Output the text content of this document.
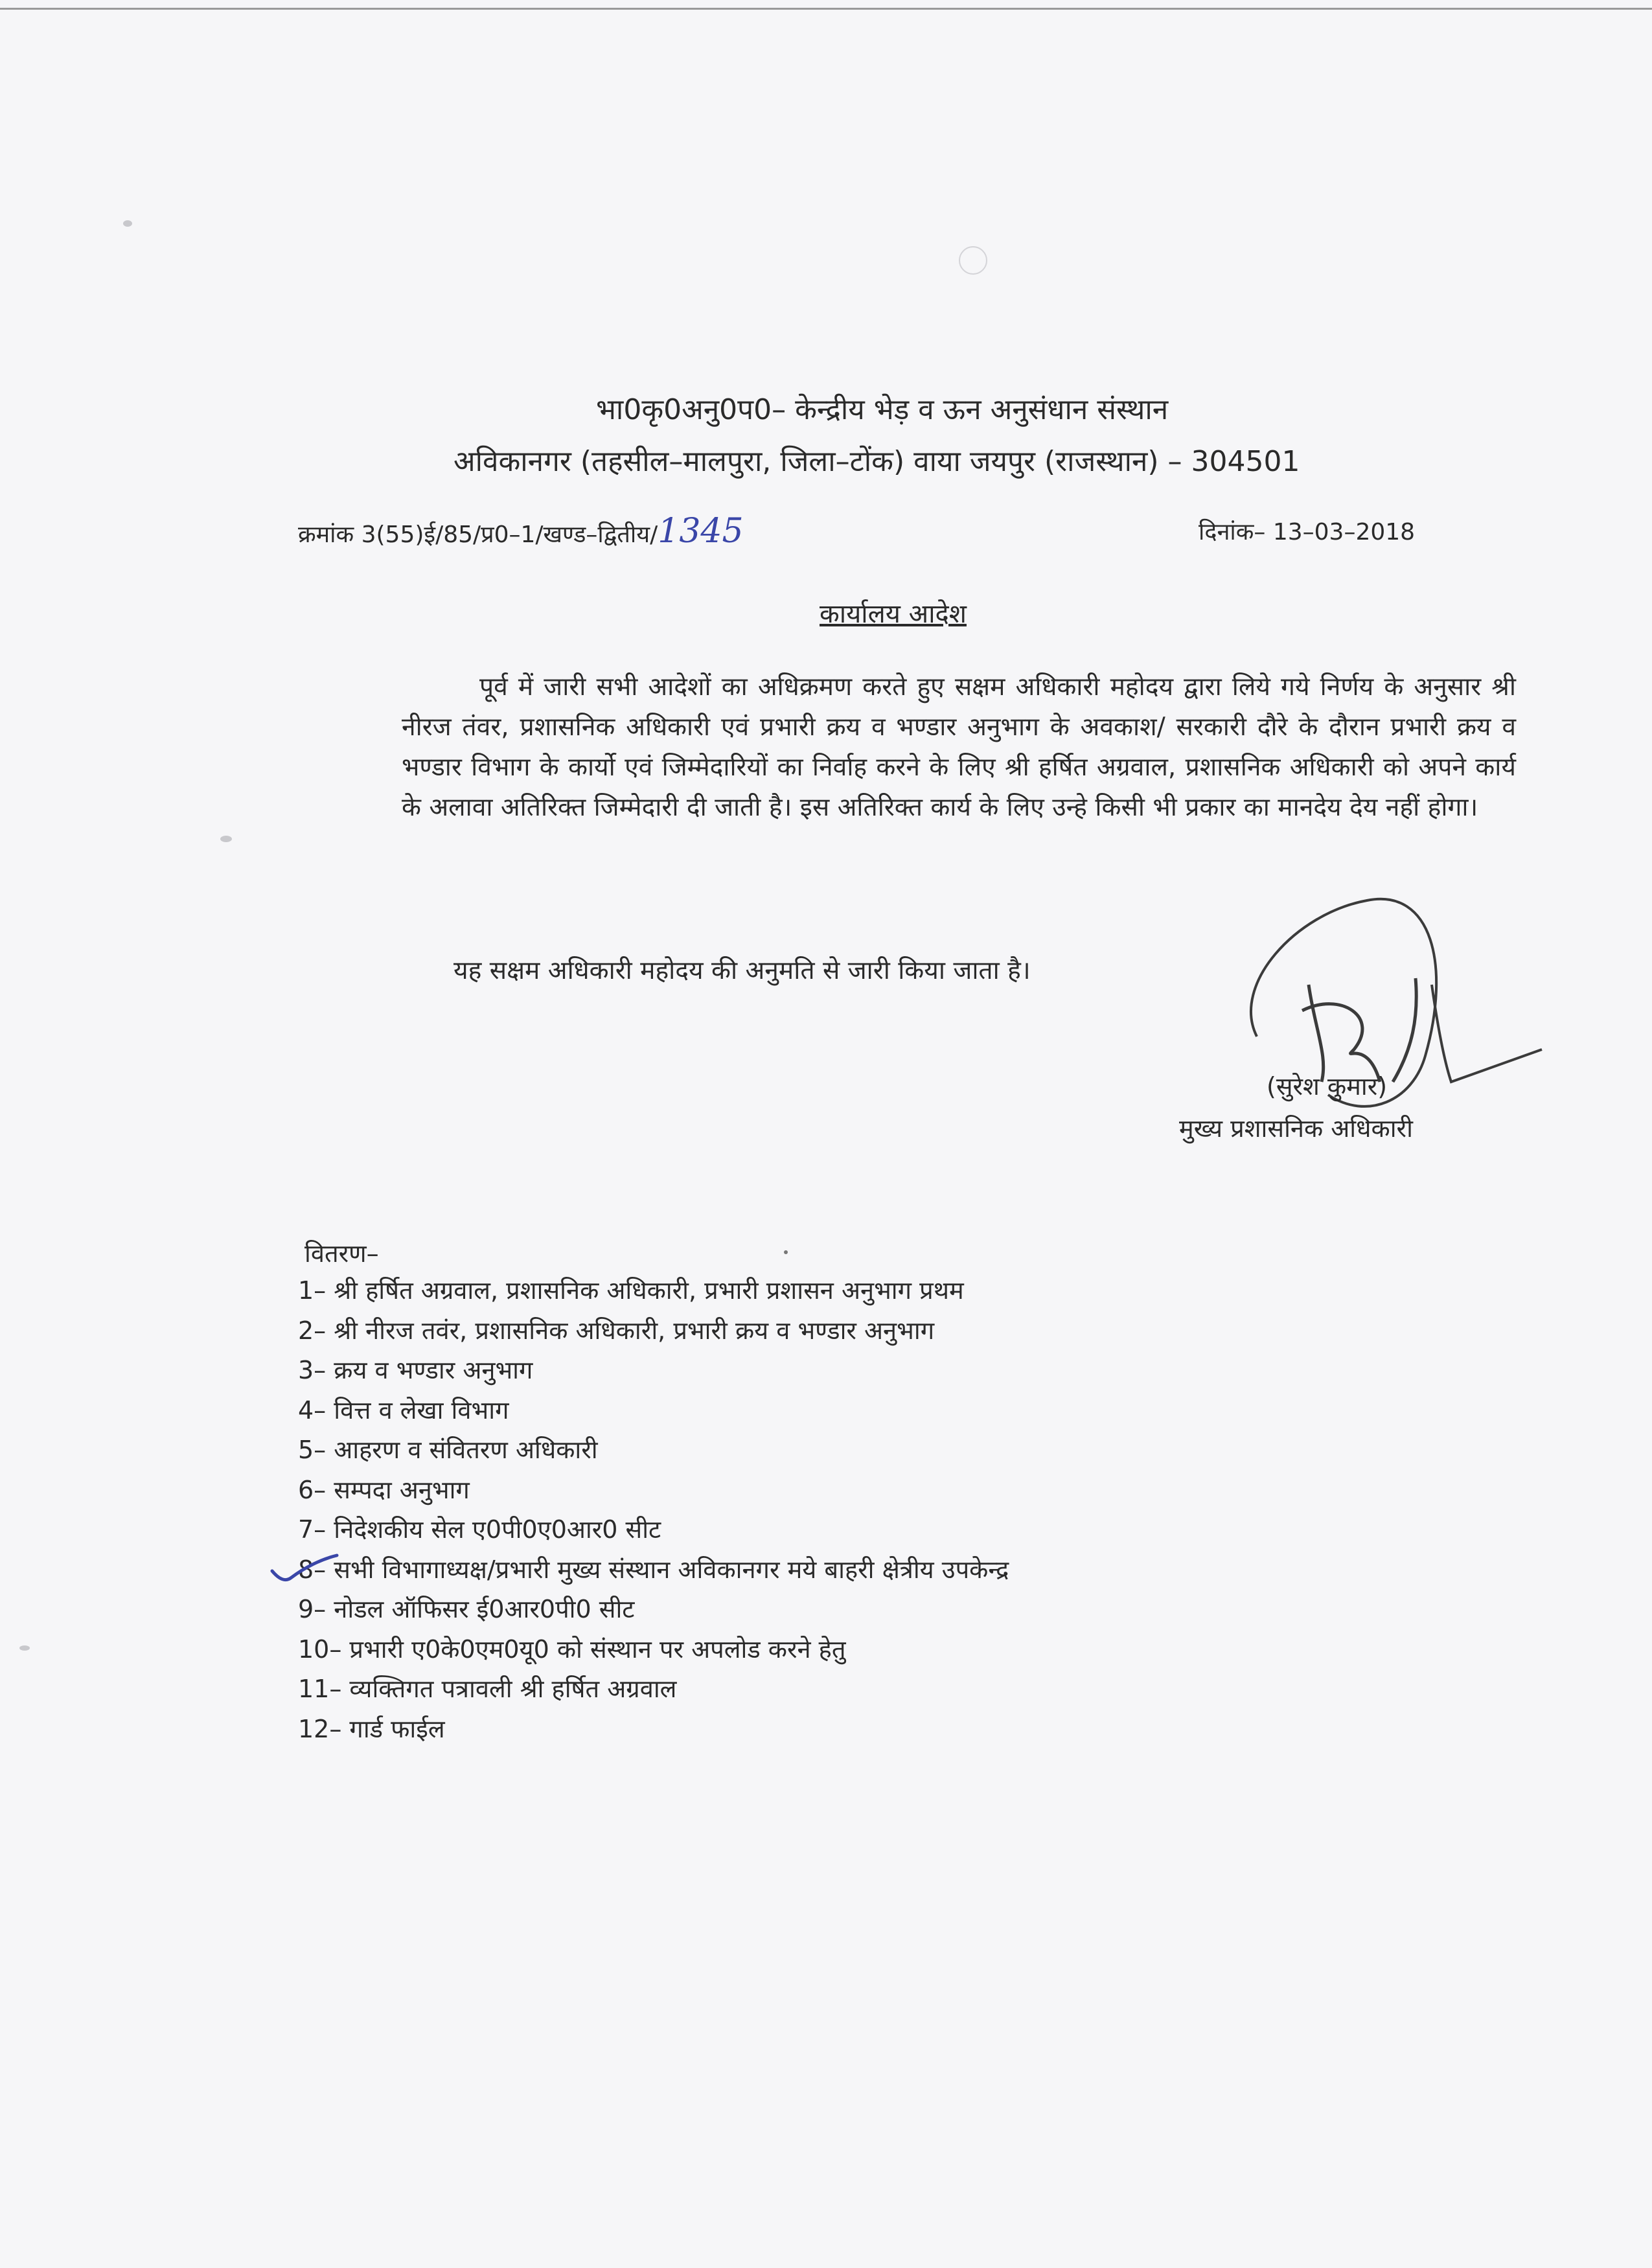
भा0कृ0अनु0प0– केन्द्रीय भेड़ व ऊन अनुसंधान संस्थान
अविकानगर (तहसील–मालपुरा, जिला–टोंक) वाया जयपुर (राजस्थान) – 304501
क्रमांक 3(55)ई/85/प्र0–1/खण्ड–द्वितीय/1345	दिनांक– 13–03–2018
कार्यालय आदेश
पूर्व में जारी सभी आदेशों का अधिक्रमण करते हुए सक्षम अधिकारी महोदय द्वारा लिये गये निर्णय के अनुसार श्री नीरज तंवर, प्रशासनिक अधिकारी एवं प्रभारी क्रय व भण्डार अनुभाग के अवकाश/ सरकारी दौरे के दौरान प्रभारी क्रय व भण्डार विभाग के कार्यो एवं जिम्मेदारियों का निर्वाह करने के लिए श्री हर्षित अग्रवाल, प्रशासनिक अधिकारी को अपने कार्य के अलावा अतिरिक्त जिम्मेदारी दी जाती है। इस अतिरिक्त कार्य के लिए उन्हे किसी भी प्रकार का मानदेय देय नहीं होगा।
यह सक्षम अधिकारी महोदय की अनुमति से जारी किया जाता है।
(सुरेश कुमार)
मुख्य प्रशासनिक अधिकारी
वितरण–
1– श्री हर्षित अग्रवाल, प्रशासनिक अधिकारी, प्रभारी प्रशासन अनुभाग प्रथम
2– श्री नीरज तवंर, प्रशासनिक अधिकारी, प्रभारी क्रय व भण्डार अनुभाग
3– क्रय व भण्डार अनुभाग
4– वित्त व लेखा विभाग
5– आहरण व संवितरण अधिकारी
6– सम्पदा अनुभाग
7– निदेशकीय सेल ए0पी0ए0आर0 सीट
8– सभी विभागाध्यक्ष/प्रभारी मुख्य संस्थान अविकानगर मये बाहरी क्षेत्रीय उपकेन्द्र
9– नोडल ऑफिसर ई0आर0पी0 सीट
10– प्रभारी ए0के0एम0यू0 को संस्थान पर अपलोड करने हेतु
11– व्यक्तिगत पत्रावली श्री हर्षित अग्रवाल
12– गार्ड फाईल
